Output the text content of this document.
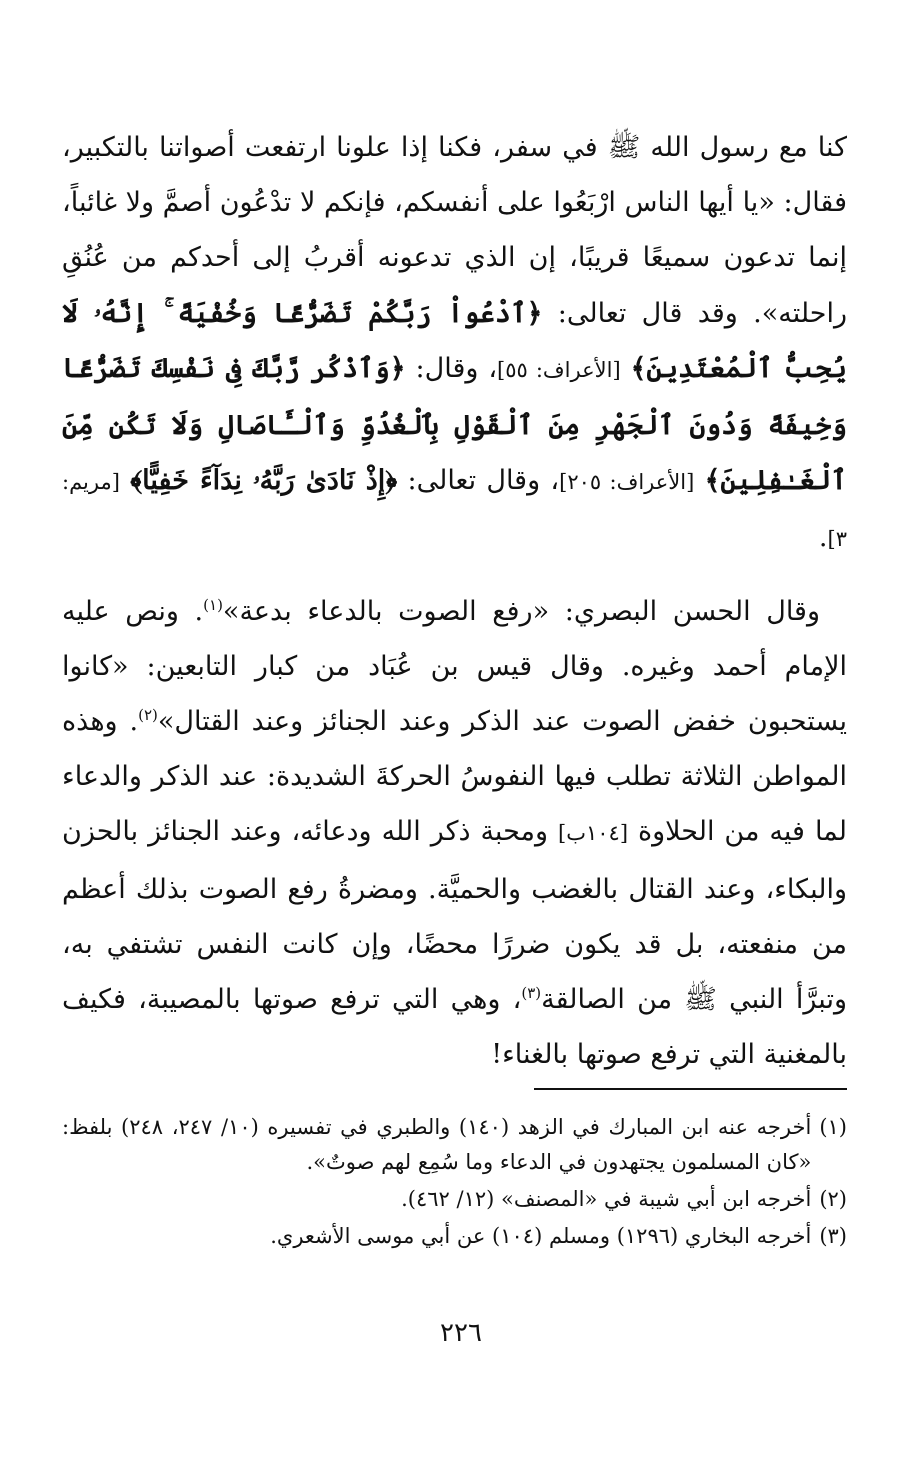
كنا مع رسول الله ﷺ في سفر، فكنا إذا علونا ارتفعت أصواتنا بالتكبير، فقال: «يا أيها الناس ارْبَعُوا على أنفسكم، فإنكم لا تدْعُون أصمَّ ولا غائباً، إنما تدعون سميعًا قريبًا، إن الذي تدعونه أقربُ إلى أحدكم من عُنُقِ راحلته». وقد قال تعالى: ﴿ٱدْعُواْ رَبَّكُمْ تَضَرُّعًا وَخُفْيَةً ۚ إِنَّهُۥ لَا يُحِبُّ ٱلْمُعْتَدِينَ﴾ [الأعراف: ٥٥]، وقال: ﴿وَٱذْكُر رَّبَّكَ فِى نَفْسِكَ تَضَرُّعًا وَخِيفَةً وَدُونَ ٱلْجَهْرِ مِنَ ٱلْقَوْلِ بِٱلْغُدُوِّ وَٱلْـَٔاصَالِ وَلَا تَكُن مِّنَ ٱلْغَـٰفِلِينَ﴾ [الأعراف: ٢٠٥]، وقال تعالى: ﴿إِذْ نَادَىٰ رَبَّهُۥ نِدَآءً خَفِيًّا﴾ [مريم: ٣].

وقال الحسن البصري: «رفع الصوت بالدعاء بدعة»$^{(١)}$. ونص عليه الإمام أحمد وغيره. وقال قيس بن عُبَاد من كبار التابعين: «كانوا يستحبون خفض الصوت عند الذكر وعند الجنائز وعند القتال»$^{(٢)}$. وهذه المواطن الثلاثة تطلب فيها النفوسُ الحركةَ الشديدة: عند الذكر والدعاء لما فيه من الحلاوة [١٠٤ب] ومحبة ذكر الله ودعائه، وعند الجنائز بالحزن والبكاء، وعند القتال بالغضب والحميَّة. ومضرةُ رفع الصوت بذلك أعظم من منفعته، بل قد يكون ضررًا محضًا، وإن كانت النفس تشتفي به، وتبرَّأ النبي ﷺ من الصالقة$^{(٣)}$، وهي التي ترفع صوتها بالمصيبة، فكيف بالمغنية التي ترفع صوتها بالغناء!

(١)
أخرجه عنه ابن المبارك في الزهد (١٤٠) والطبري في تفسيره (١٠/ ٢٤٧، ٢٤٨) بلفظ: «كان المسلمون يجتهدون في الدعاء وما سُمِع لهم صوتٌ».
(٢)
أخرجه ابن أبي شيبة في «المصنف» (١٢/ ٤٦٢).
(٣)
أخرجه البخاري (١٢٩٦) ومسلم (١٠٤) عن أبي موسى الأشعري.
٢٢٦
